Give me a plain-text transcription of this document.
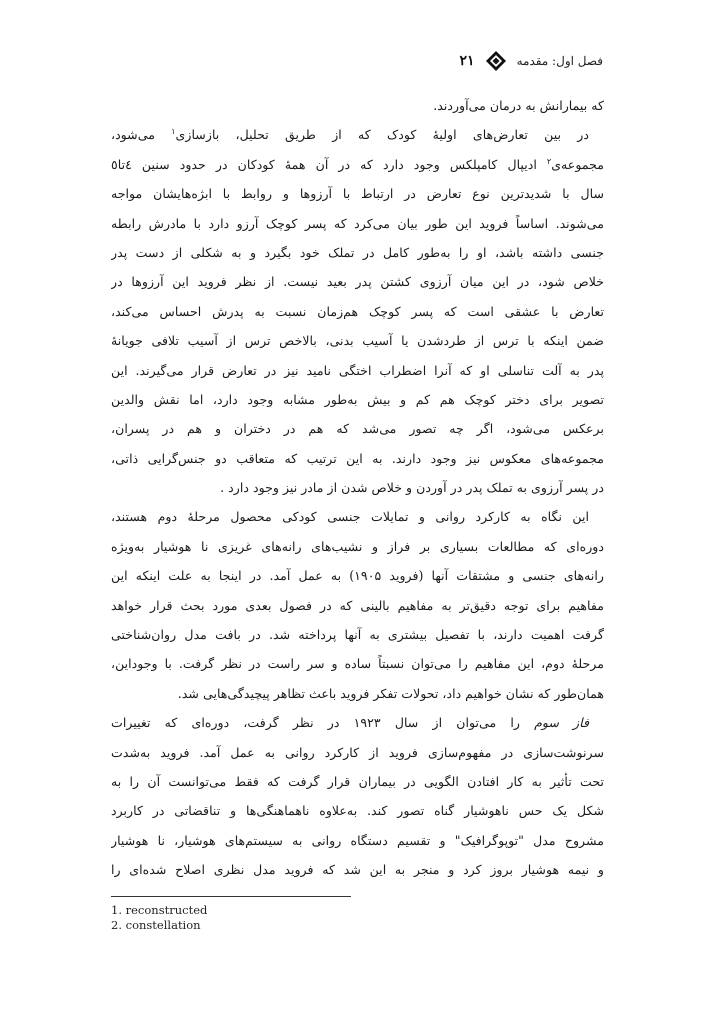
فصل اول: مقدمه
۲۱
که بیمارانش به درمان می‌آوردند.
در بین تعارض‌های اولیهٔ کودک که از طریق تحلیل، بازسازی$^۱$ می‌شود،
مجموعه‌ی$^۲$ ادیپال کامپلکس وجود دارد که در آن همهٔ کودکان در حدود سنین ٤تا٥
سال با شدیدترین نوع تعارض در ارتباط با آرزوها و روابط با ابژه‌هایشان مواجه
می‌شوند. اساساً فروید این طور بیان می‌کرد که پسر کوچک آرزو دارد با مادرش رابطه
جنسی داشته باشد، او را به‌طور کامل در تملک خود بگیرد و به شکلی از دست پدر
خلاص شود، در این میان آرزوی کشتن پدر بعید نیست. از نظر فروید این آرزوها در
تعارض با عشقی است که پسر کوچک هم‌زمان نسبت به پدرش احساس می‌کند،
ضمن اینکه با ترس از طردشدن یا آسیب بدنی، بالاخص ترس از آسیب تلافی جویانهٔ
پدر به آلت تناسلی او که آنرا اضطراب اختگی نامید نیز در تعارض قرار می‌گیرند. این
تصویر برای دختر کوچک هم کم و بیش به‌طور مشابه وجود دارد، اما نقش والدین
برعکس می‌شود، اگر چه تصور می‌شد که هم در دختران و هم در پسران،
مجموعه‌های معکوس نیز وجود دارند. به این ترتیب که متعاقب دو جنس‌گرایی ذاتی،
در پسر آرزوی به تملک پدر در آوردن و خلاص شدن از مادر نیز وجود دارد .
این نگاه به کارکرد روانی و تمایلات جنسی کودکی محصول مرحلهٔ دوم هستند،
دوره‌ای که مطالعات بسیاری بر فراز و نشیب‌های رانه‌های غریزی نا هوشیار به‌ویژه
رانه‌های جنسی و مشتقات آنها (فروید ۱۹۰۵) به عمل آمد. در اینجا به علت اینکه این
مفاهیم برای توجه دقیق‌تر به مفاهیم بالینی که در فصول بعدی مورد بحث قرار خواهد
گرفت اهمیت دارند، با تفصیل بیشتری به آنها پرداخته شد. در بافت مدل روان‌شناختی
مرحلهٔ دوم، این مفاهیم را می‌توان نسبتاً ساده و سر راست در نظر گرفت. با وجوداین،
همان‌طور که نشان خواهیم داد، تحولات تفکر فروید باعث تظاهر پیچیدگی‌هایی شد.
فاز سوم را می‌توان از سال ۱۹۲۳ در نظر گرفت، دوره‌ای که تغییرات
سرنوشت‌سازی در مفهوم‌سازی فروید از کارکرد روانی به عمل آمد. فروید به‌شدت
تحت تأثیر به کار افتادن الگویی در بیماران قرار گرفت که فقط می‌توانست آن را به
شکل یک حس ناهوشیار گناه تصور کند. به‌علاوه ناهماهنگی‌ها و تناقضاتی در کاربرد
مشروح مدل "توپوگرافیک" و تقسیم دستگاه روانی به سیستم‌های هوشیار، نا هوشیار
و نیمه هوشیار بروز کرد و منجر به این شد که فروید مدل نظری اصلاح شده‌ای را
1. reconstructed
2. constellation
